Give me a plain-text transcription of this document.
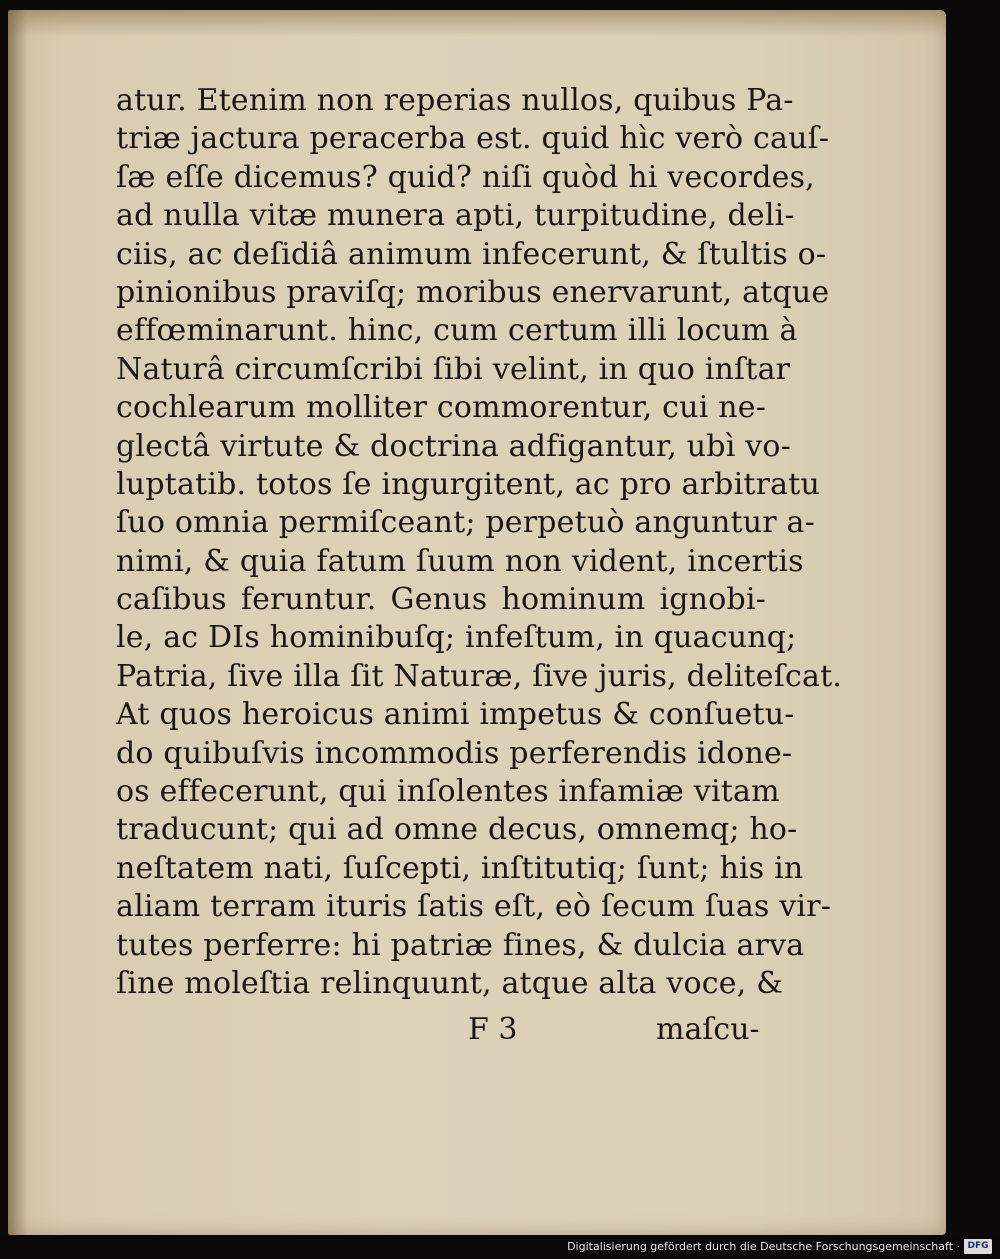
atur. Etenim non reperias nullos, quibus Pa-
triæ jactura peracerba est. quid hìc verò cauſ-
ſæ eſſe dicemus? quid? niſi quòd hi vecordes,
ad nulla vitæ munera apti, turpitudine, deli-
ciis, ac deſidiâ animum infecerunt, & ſtultis o-
pinionibus praviſq; moribus enervarunt, atque
effœminarunt. hinc, cum certum illi locum à
Naturâ circumſcribi ſibi velint, in quo inſtar
cochlearum molliter commorentur, cui ne-
glectâ virtute & doctrina adfigantur, ubì vo-
luptatib. totos ſe ingurgitent, ac pro arbitratu
ſuo omnia permiſceant; perpetuò anguntur a-
nimi, & quia fatum ſuum non vident, incertis
caſibus feruntur. Genus hominum ignobi-
le, ac DIs hominibuſq; infeſtum, in quacunq;
Patria, ſive illa ſit Naturæ, ſive juris, deliteſcat.
At quos heroicus animi impetus & conſuetu-
do quibuſvis incommodis perferendis idone-
os effecerunt, qui inſolentes infamiæ vitam
traducunt; qui ad omne decus, omnemq; ho-
neſtatem nati, ſuſcepti, inſtitutiq; ſunt; his in
aliam terram ituris ſatis eſt, eò ſecum ſuas vir-
tutes perferre: hi patriæ fines, & dulcia arva
ſine moleſtia relinquunt, atque alta voce, &
F 3	maſcu-
Digitalisierung gefördert durch die Deutsche Forschungsgemeinschaft · DFG
